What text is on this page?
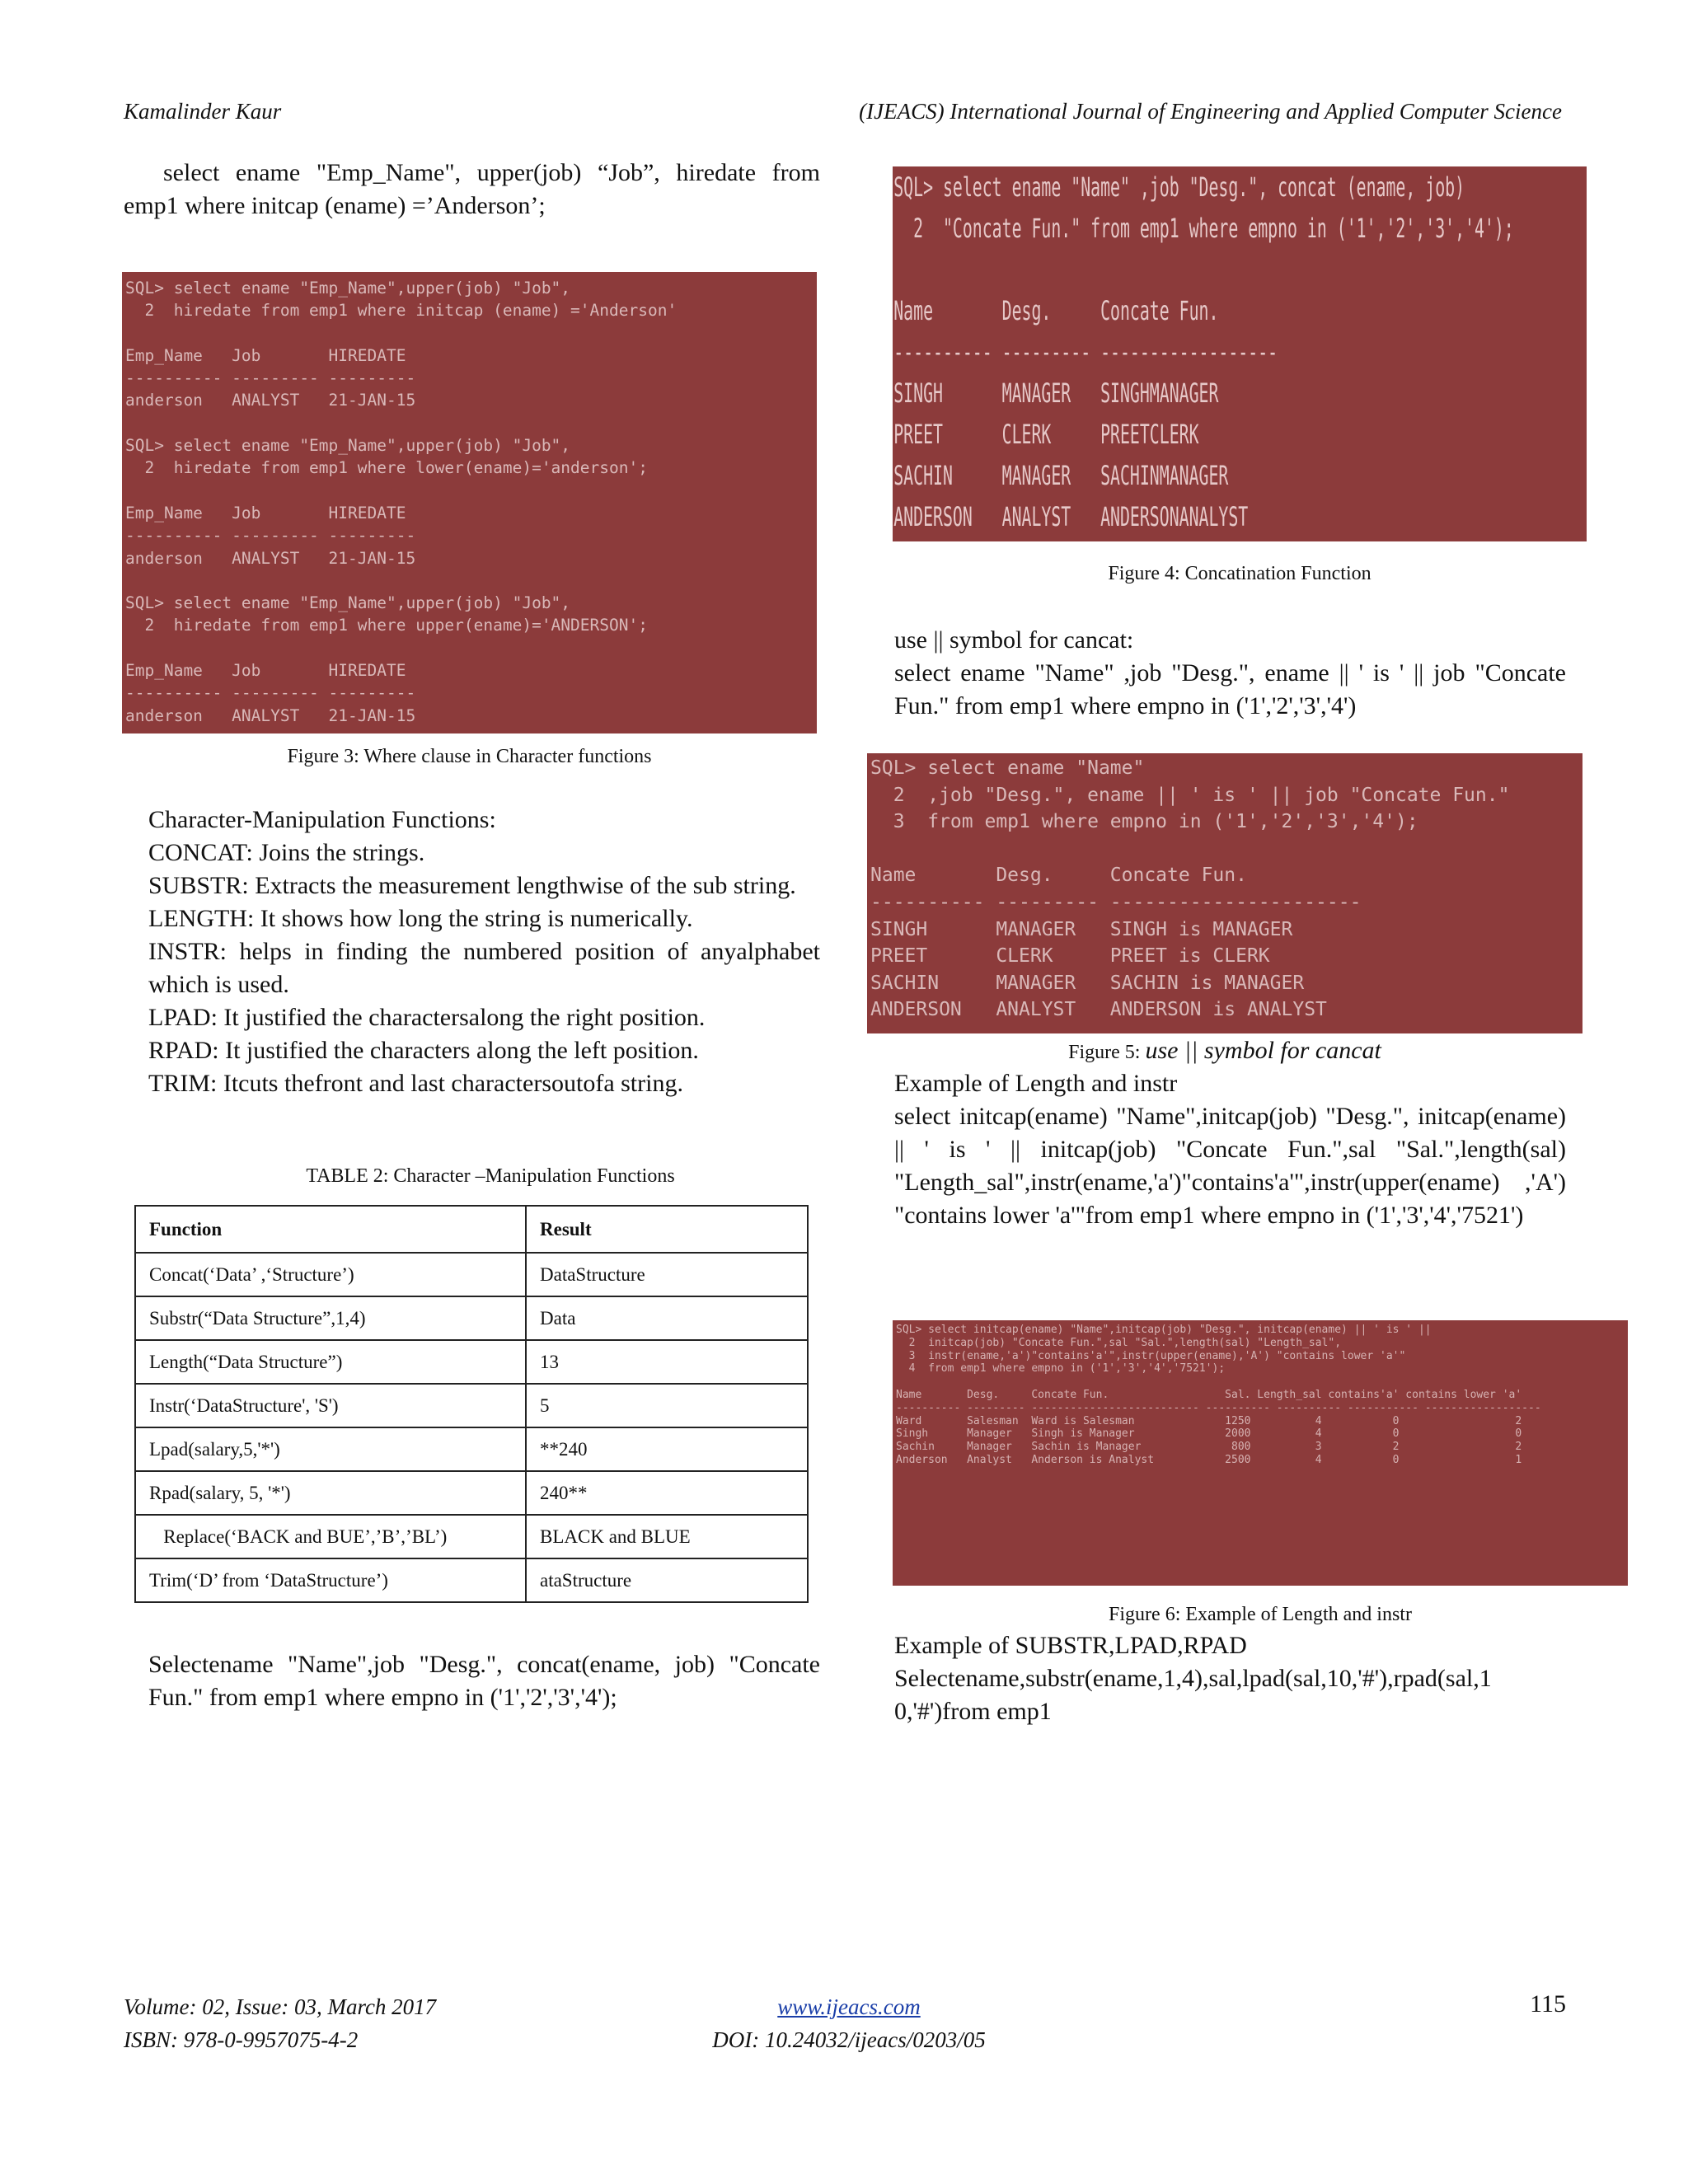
Kamalinder Kaur	(IJEACS) International Journal of Engineering and Applied Computer Science
select ename "Emp_Name", upper(job) “Job”, hiredate from emp1 where initcap (ename) =’Anderson’;
SQL> select ename "Emp_Name",upper(job) "Job",
2  hiredate from emp1 where initcap (ename) ='Anderson'

Emp_Name   Job       HIREDATE
---------- --------- ---------
anderson   ANALYST   21-JAN-15

SQL> select ename "Emp_Name",upper(job) "Job",
2  hiredate from emp1 where lower(ename)='anderson';

Emp_Name   Job       HIREDATE
---------- --------- ---------
anderson   ANALYST   21-JAN-15

SQL> select ename "Emp_Name",upper(job) "Job",
2  hiredate from emp1 where upper(ename)='ANDERSON';

Emp_Name   Job       HIREDATE
---------- --------- ---------
anderson   ANALYST   21-JAN-15
Figure 3: Where clause in Character functions
Character-Manipulation Functions:
CONCAT: Joins the strings.
SUBSTR: Extracts the measurement lengthwise of the sub string.
LENGTH: It shows how long the string is numerically.
INSTR: helps in finding the numbered position of anyalphabet which is used.
LPAD: It justified the charactersalong the right position.
RPAD: It justified the characters along the left position.
TRIM: Itcuts thefront and last charactersoutofa string.
TABLE 2: Character –Manipulation Functions
Function	Result
Concat(‘Data’ ,‘Structure’)	DataStructure
Substr(“Data Structure”,1,4)	Data
Length(“Data Structure”)	13
Instr(‘DataStructure', 'S')	5
Lpad(salary,5,'*')	**240
Rpad(salary, 5, '*')	240**
Replace(‘BACK and BUE’,’B’,’BL’)	BLACK and BLUE
Trim(‘D’ from ‘DataStructure’)	ataStructure
Selectename "Name",job "Desg.", concat(ename, job) "Concate Fun." from emp1 where empno in ('1','2','3','4');

SQL> select ename "Name" ,job "Desg.", concat (ename, job)
2  "Concate Fun." from emp1 where empno in ('1','2','3','4');

Name       Desg.     Concate Fun.
---------- --------- ------------------
SINGH      MANAGER   SINGHMANAGER
PREET      CLERK     PREETCLERK
SACHIN     MANAGER   SACHINMANAGER
ANDERSON   ANALYST   ANDERSONANALYST

Figure 4: Concatination Function
use || symbol for cancat:
select ename "Name" ,job "Desg.", ename || ' is ' || job "Concate Fun." from emp1 where empno in ('1','2','3','4')
SQL> select ename "Name"
2  ,job "Desg.", ename || ' is ' || job "Concate Fun."
3  from emp1 where empno in ('1','2','3','4');

Name       Desg.     Concate Fun.
---------- --------- ----------------------
SINGH      MANAGER   SINGH is MANAGER
PREET      CLERK     PREET is CLERK
SACHIN     MANAGER   SACHIN is MANAGER
ANDERSON   ANALYST   ANDERSON is ANALYST
Figure 5: use || symbol for cancat
Example of Length and instr
select initcap(ename) "Name",initcap(job) "Desg.", initcap(ename) || ' is ' || initcap(job) "Concate Fun.",sal "Sal.",length(sal) "Length_sal",instr(ename,'a')"contains'a'",instr(upper(ename) ,'A') "contains lower 'a'"from emp1 where empno in ('1','3','4','7521')
SQL> select initcap(ename) "Name",initcap(job) "Desg.", initcap(ename) || ' is ' ||
2  initcap(job) "Concate Fun.",sal "Sal.",length(sal) "Length_sal",
3  instr(ename,'a')"contains'a'",instr(upper(ename),'A') "contains lower 'a'"
4  from emp1 where empno in ('1','3','4','7521');

Name       Desg.     Concate Fun.                  Sal. Length_sal contains'a' contains lower 'a'
---------- --------- -------------------------- ---------- ---------- ----------- ------------------
Ward       Salesman  Ward is Salesman              1250          4           0                  2
Singh      Manager   Singh is Manager              2000          4           0                  0
Sachin     Manager   Sachin is Manager              800          3           2                  2
Anderson   Analyst   Anderson is Analyst           2500          4           0                  1
Figure 6: Example of Length and instr
Example of SUBSTR,LPAD,RPAD
Selectename,substr(ename,1,4),sal,lpad(sal,10,'#'),rpad(sal,1 0,'#')from emp1
Volume: 02, Issue: 03, March 2017
ISBN: 978-0-9957075-4-2
www.ijeacs.com
DOI: 10.24032/ijeacs/0203/05
115
